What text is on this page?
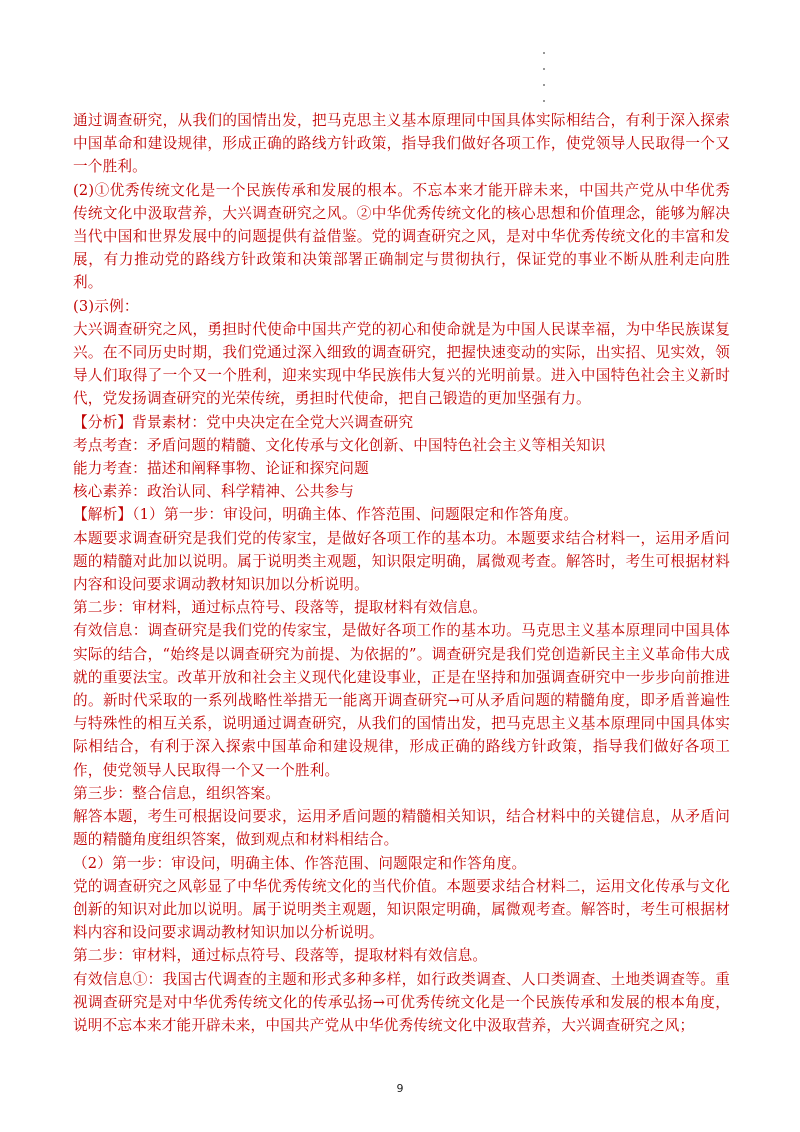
通过调查研究，从我们的国情出发，把马克思主义基本原理同中国具体实际相结合，有利于深入探索中国革命和建设规律，形成正确的路线方针政策，指导我们做好各项工作，使党领导人民取得一个又一个胜利。

(2)①优秀传统文化是一个民族传承和发展的根本。不忘本来才能开辟未来，中国共产党从中华优秀传统文化中汲取营养，大兴调查研究之风。②中华优秀传统文化的核心思想和价值理念，能够为解决当代中国和世界发展中的问题提供有益借鉴。党的调查研究之风，是对中华优秀传统文化的丰富和发展，有力推动党的路线方针政策和决策部署正确制定与贯彻执行，保证党的事业不断从胜利走向胜利。

(3)示例：

大兴调查研究之风，勇担时代使命中国共产党的初心和使命就是为中国人民谋幸福，为中华民族谋复兴。在不同历史时期，我们党通过深入细致的调查研究，把握快速变动的实际，出实招、见实效，领导人们取得了一个又一个胜利，迎来实现中华民族伟大复兴的光明前景。进入中国特色社会主义新时代，党发扬调查研究的光荣传统，勇担时代使命，把自己锻造的更加坚强有力。

【分析】背景素材：党中央决定在全党大兴调查研究

考点考查：矛盾问题的精髓、文化传承与文化创新、中国特色社会主义等相关知识

能力考查：描述和阐释事物、论证和探究问题

核心素养：政治认同、科学精神、公共参与

【解析】（1）第一步：审设问，明确主体、作答范围、问题限定和作答角度。

本题要求调查研究是我们党的传家宝，是做好各项工作的基本功。本题要求结合材料一，运用矛盾问题的精髓对此加以说明。属于说明类主观题，知识限定明确，属微观考查。解答时，考生可根据材料内容和设问要求调动教材知识加以分析说明。

第二步：审材料，通过标点符号、段落等，提取材料有效信息。

有效信息：调查研究是我们党的传家宝，是做好各项工作的基本功。马克思主义基本原理同中国具体实际的结合，“始终是以调查研究为前提、为依据的”。调查研究是我们党创造新民主主义革命伟大成就的重要法宝。改革开放和社会主义现代化建设事业，正是在坚持和加强调查研究中一步步向前推进的。新时代采取的一系列战略性举措无一能离开调查研究→可从矛盾问题的精髓角度，即矛盾普遍性与特殊性的相互关系，说明通过调查研究，从我们的国情出发，把马克思主义基本原理同中国具体实际相结合，有利于深入探索中国革命和建设规律，形成正确的路线方针政策，指导我们做好各项工作，使党领导人民取得一个又一个胜利。

第三步：整合信息，组织答案。

解答本题，考生可根据设问要求，运用矛盾问题的精髓相关知识，结合材料中的关键信息，从矛盾问题的精髓角度组织答案，做到观点和材料相结合。

（2）第一步：审设问，明确主体、作答范围、问题限定和作答角度。

党的调查研究之风彰显了中华优秀传统文化的当代价值。本题要求结合材料二，运用文化传承与文化创新的知识对此加以说明。属于说明类主观题，知识限定明确，属微观考查。解答时，考生可根据材料内容和设问要求调动教材知识加以分析说明。

第二步：审材料，通过标点符号、段落等，提取材料有效信息。

有效信息①：我国古代调查的主题和形式多种多样，如行政类调查、人口类调查、土地类调查等。重视调查研究是对中华优秀传统文化的传承弘扬→可优秀传统文化是一个民族传承和发展的根本角度，说明不忘本来才能开辟未来，中国共产党从中华优秀传统文化中汲取营养，大兴调查研究之风；

9
